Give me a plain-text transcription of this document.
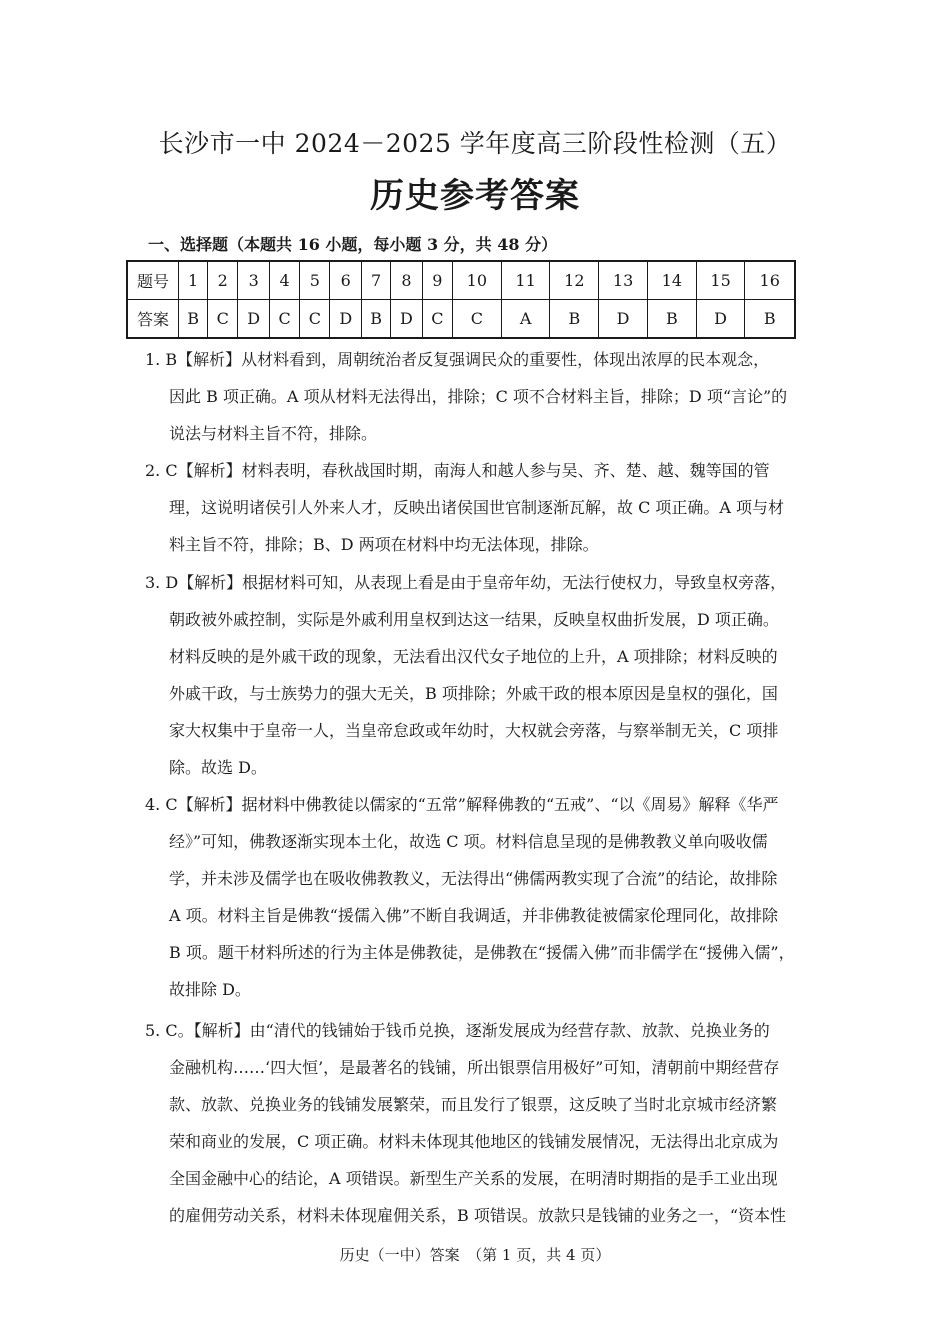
长沙市一中 2024－2025 学年度高三阶段性检测（五）
历史参考答案
一、选择题（本题共 16 小题，每小题 3 分，共 48 分）
题号	1	2	3	4	5	6	7	8	9	10	11	12	13	14	15	16
答案	B	C	D	C	C	D	B	D	C	C	A	B	D	B	D	B
1. B【解析】从材料看到，周朝统治者反复强调民众的重要性，体现出浓厚的民本观念，
因此 B 项正确。A 项从材料无法得出，排除；C 项不合材料主旨，排除；D 项“言论”的
说法与材料主旨不符，排除。
2. C【解析】材料表明，春秋战国时期，南海人和越人参与吴、齐、楚、越、魏等国的管
理，这说明诸侯引人外来人才，反映出诸侯国世官制逐渐瓦解，故 C 项正确。A 项与材
料主旨不符，排除；B、D 两项在材料中均无法体现，排除。
3. D【解析】根据材料可知，从表现上看是由于皇帝年幼，无法行使权力，导致皇权旁落，
朝政被外戚控制，实际是外戚利用皇权到达这一结果，反映皇权曲折发展，D 项正确。
材料反映的是外戚干政的现象，无法看出汉代女子地位的上升，A 项排除；材料反映的
外戚干政，与士族势力的强大无关，B 项排除；外戚干政的根本原因是皇权的强化，国
家大权集中于皇帝一人，当皇帝怠政或年幼时，大权就会旁落，与察举制无关，C 项排
除。故选 D。
4. C【解析】据材料中佛教徒以儒家的“五常”解释佛教的“五戒”、“以《周易》解释《华严
经》”可知，佛教逐渐实现本土化，故选 C 项。材料信息呈现的是佛教教义单向吸收儒
学，并未涉及儒学也在吸收佛教教义，无法得出“佛儒两教实现了合流”的结论，故排除
A 项。材料主旨是佛教“援儒入佛”不断自我调适，并非佛教徒被儒家伦理同化，故排除
B 项。题干材料所述的行为主体是佛教徒，是佛教在“援儒入佛”而非儒学在“援佛入儒”，
故排除 D。
5. C。【解析】由“清代的钱铺始于钱币兑换，逐渐发展成为经营存款、放款、兑换业务的
金融机构……‘四大恒’，是最著名的钱铺，所出银票信用极好”可知，清朝前中期经营存
款、放款、兑换业务的钱铺发展繁荣，而且发行了银票，这反映了当时北京城市经济繁
荣和商业的发展，C 项正确。材料未体现其他地区的钱铺发展情况，无法得出北京成为
全国金融中心的结论，A 项错误。新型生产关系的发展，在明清时期指的是手工业出现
的雇佣劳动关系，材料未体现雇佣关系，B 项错误。放款只是钱铺的业务之一，“资本性
历史（一中）答案　（第 1 页，共 4 页）
